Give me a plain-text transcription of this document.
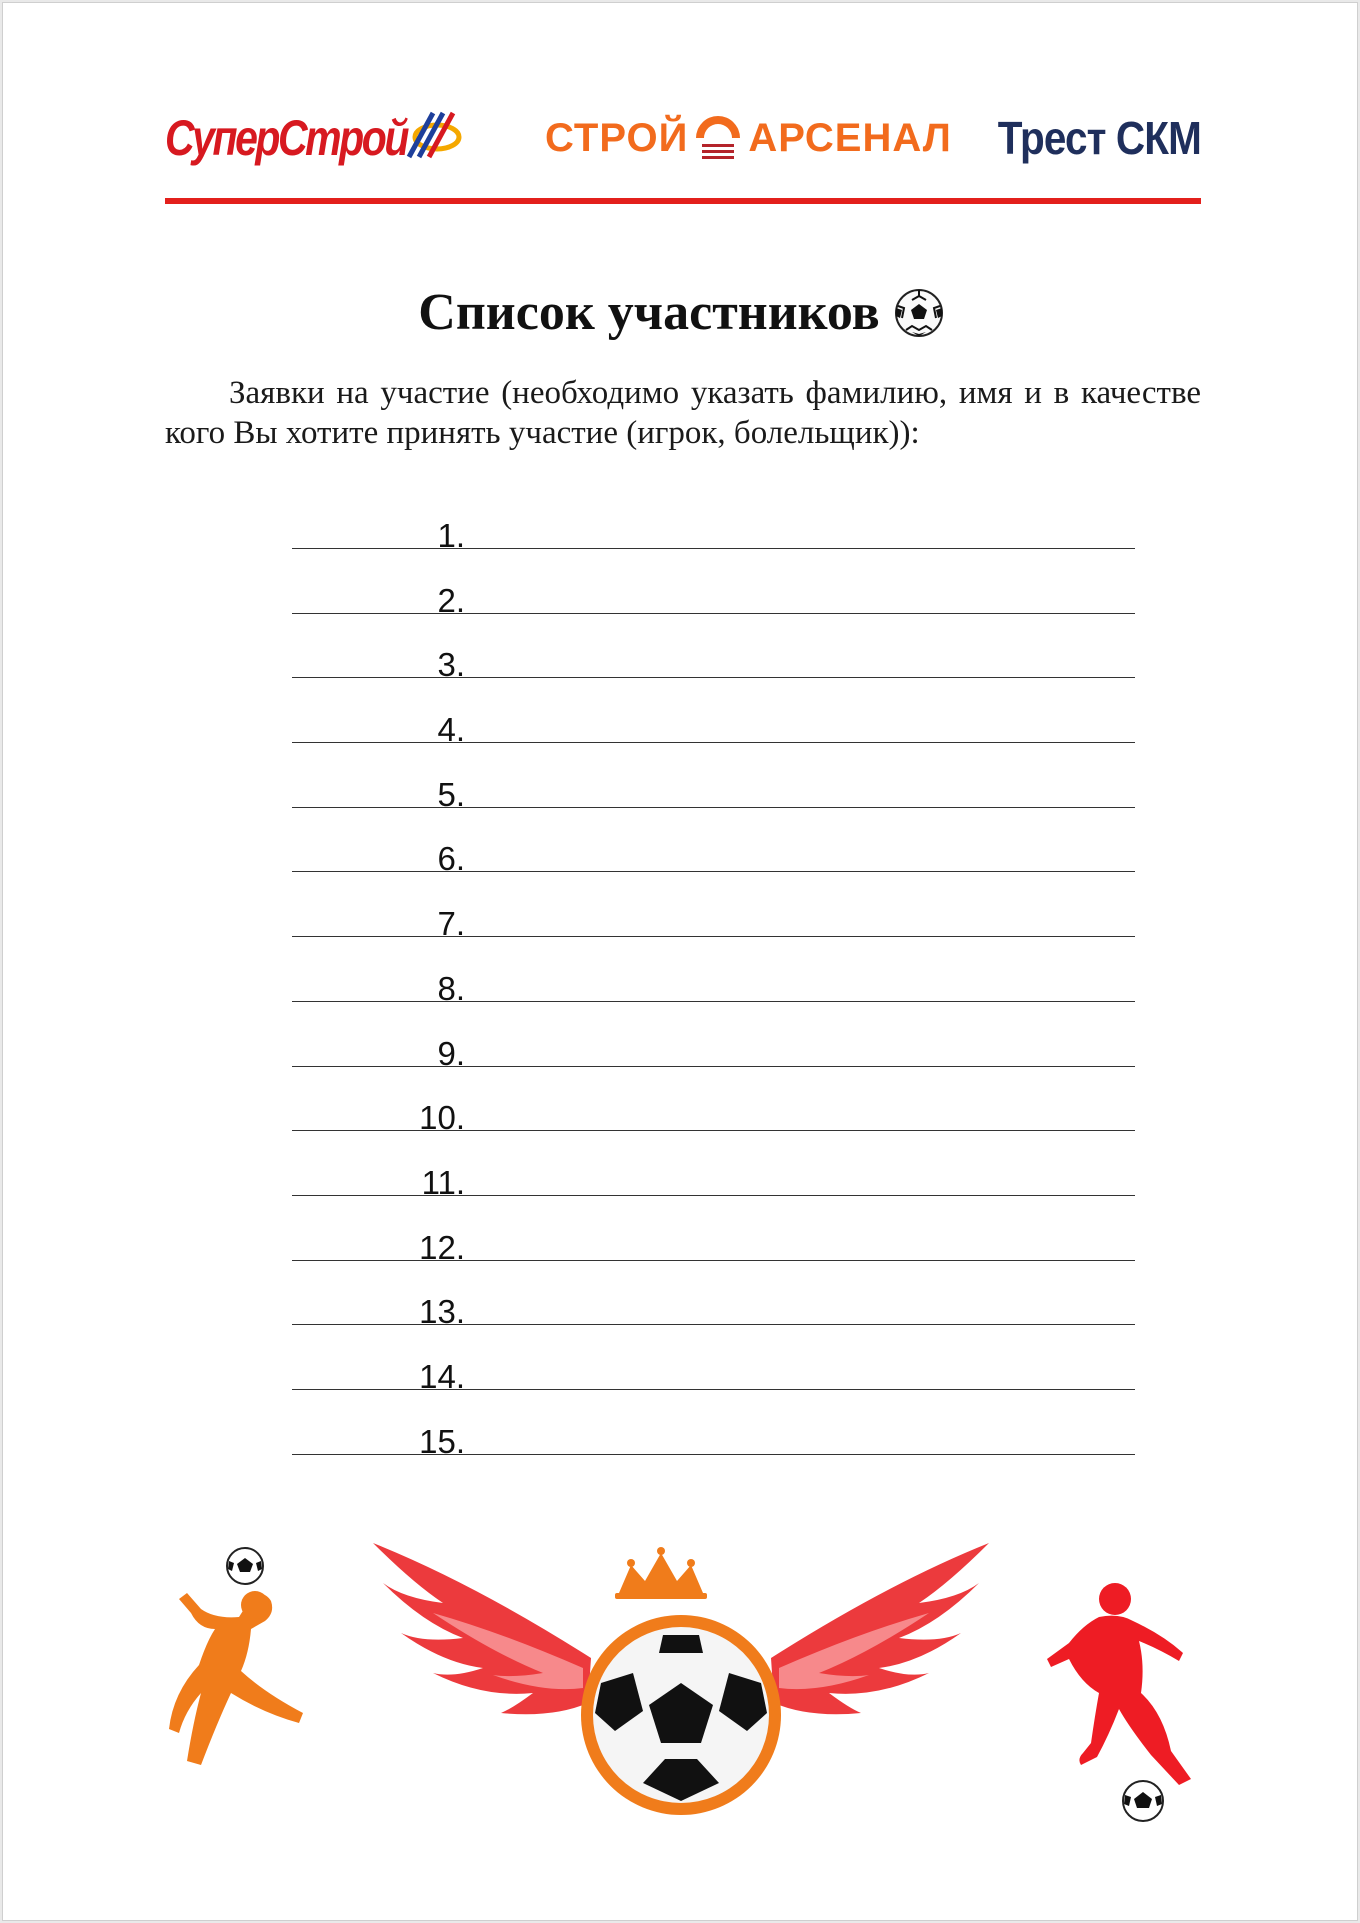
СуперСтрой	СТРОЙ АРСЕНАЛ Трест СКМ
Список участников

Заявки на участие (необходимо указать фамилию, имя и в качестве кого Вы хотите принять участие (игрок, болельщик)):

1.
2.
3.
4.
5.
6.
7.
8.
9.
10.
11.
12.
13.
14.
15.
